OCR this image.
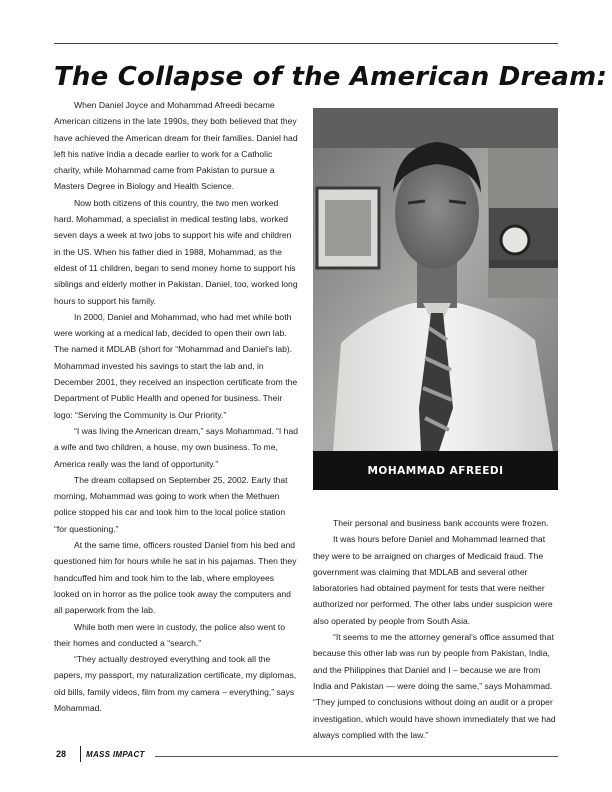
The Collapse of the American Dream:

When Daniel Joyce and Mohammad Afreedi became American citizens in the late 1990s, they both believed that they have achieved the American dream for their families. Daniel had left his native India a decade earlier to work for a Catholic charity, while Mohammad came from Pakistan to pursue a Masters Degree in Biology and Health Science.

Now both citizens of this country, the two men worked hard. Mohammad, a specialist in medical testing labs, worked seven days a week at two jobs to support his wife and children in the US. When his father died in 1988, Mohammad, as the eldest of 11 children, began to send money home to support his siblings and elderly mother in Pakistan. Daniel, too, worked long hours to support his family.

In 2000, Daniel and Mohammad, who had met while both were working at a medical lab, decided to open their own lab. The named it MDLAB (short for “Mohammad and Daniel’s lab). Mohammad invested his savings to start the lab and, in December 2001, they received an inspection certificate from the Department of Public Health and opened for business. Their logo: “Serving the Community is Our Priority.”

“I was living the American dream,” says Mohammad. “I had a wife and two children, a house, my own business. To me, America really was the land of opportunity.”

The dream collapsed on September 25, 2002. Early that morning, Mohammad was going to work when the Methuen police stopped his car and took him to the local police station “for questioning.”

At the same time, officers rousted Daniel from his bed and questioned him for hours while he sat in his pajamas. Then they handcuffed him and took him to the lab, where employees looked on in horror as the police took away the computers and all paperwork from the lab.

While both men were in custody, the police also went to their homes and conducted a “search.”

“They actually destroyed everything and took all the papers, my passport, my naturalization certificate, my diplomas, old bills, family videos, film from my camera – everything,” says Mohammad.

MOHAMMAD AFREEDI

Their personal and business bank accounts were frozen.

It was hours before Daniel and Mohammad learned that they were to be arraigned on charges of Medicaid fraud. The government was claiming that MDLAB and several other laboratories had obtained payment for tests that were neither authorized nor performed. The other labs under suspicion were also operated by people from South Asia.

“It seems to me the attorney general’s office assumed that because this other lab was run by people from Pakistan, India, and the Philippines that Daniel and I – because we are from India and Pakistan — were doing the same,” says Mohammad. “They jumped to conclusions without doing an audit or a proper investigation, which would have shown immediately that we had always complied with the law.”

28 MASS IMPACT
